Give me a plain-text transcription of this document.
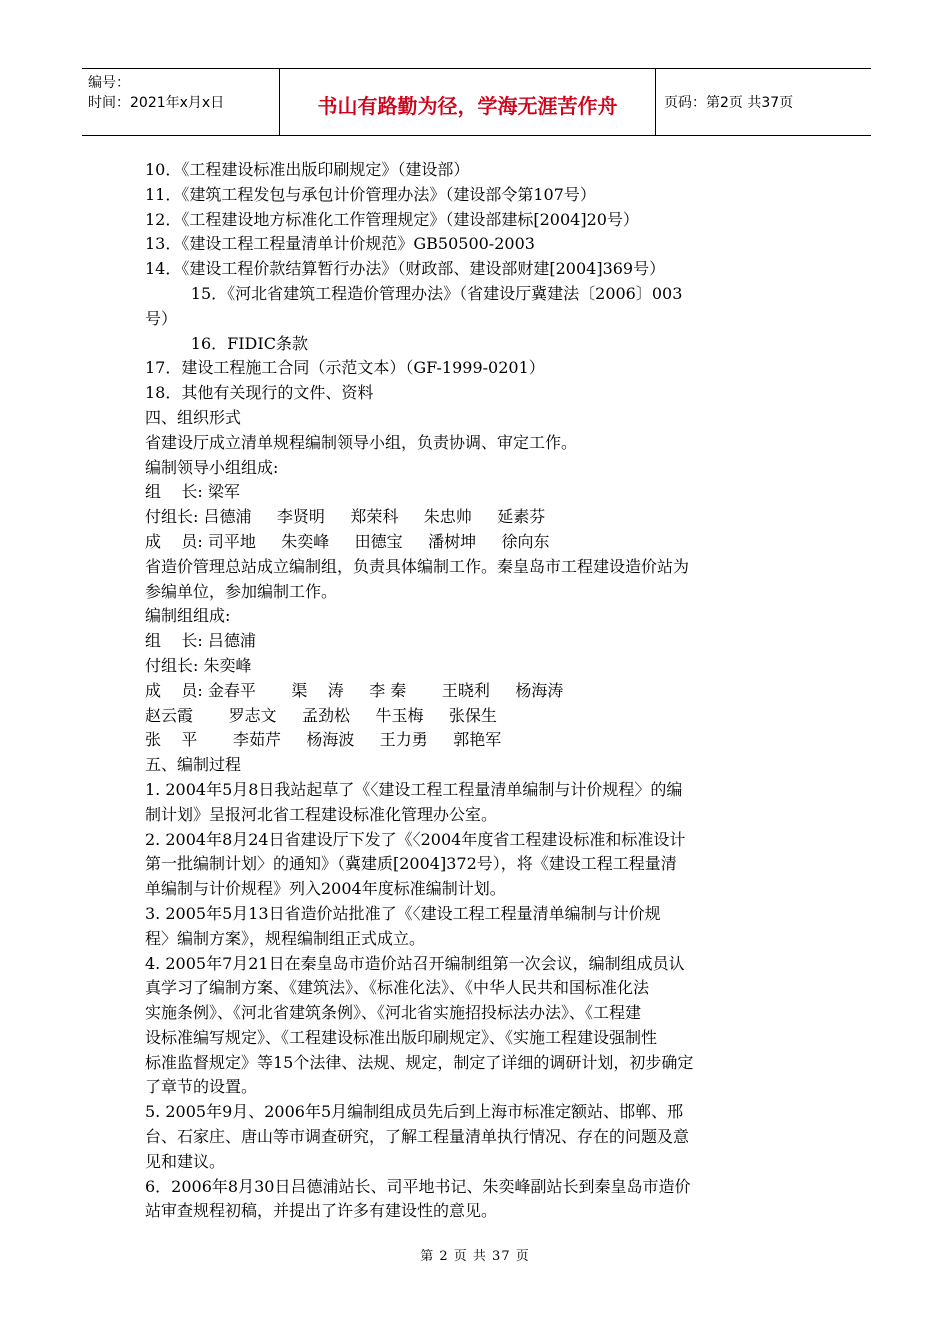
编号：
时间：2021年x月x日	书山有路勤为径，学海无涯苦作舟	页码：第2页 共37页
10．《工程建设标准出版印刷规定》（建设部）
11．《建筑工程发包与承包计价管理办法》（建设部令第107号）
12．《工程建设地方标准化工作管理规定》（建设部建标[2004]20号）
13．《建设工程工程量清单计价规范》GB50500-2003
14．《建设工程价款结算暂行办法》（财政部、建设部财建[2004]369号）
15．《河北省建筑工程造价管理办法》（省建设厅冀建法〔2006〕003
号）
16．FIDIC条款
17．建设工程施工合同（示范文本）（GF-1999-0201）
18．其他有关现行的文件、资料
四、组织形式
省建设厅成立清单规程编制领导小组，负责协调、审定工作。
编制领导小组组成:
组    长: 梁军
付组长: 吕德浦     李贤明     郑荣科     朱忠帅     延素芬
成    员: 司平地     朱奕峰     田德宝     潘树坤     徐向东
省造价管理总站成立编制组，负责具体编制工作。秦皇岛市工程建设造价站为
参编单位，参加编制工作。
编制组组成:
组    长: 吕德浦
付组长: 朱奕峰
成    员: 金春平       渠    涛     李 秦       王晓利     杨海涛
赵云霞       罗志文     孟劲松     牛玉梅     张保生
张    平       李茹芹     杨海波     王力勇     郭艳军
五、编制过程
1. 2004年5月8日我站起草了《〈建设工程工程量清单编制与计价规程〉的编
制计划》呈报河北省工程建设标准化管理办公室。
2. 2004年8月24日省建设厅下发了《〈2004年度省工程建设标准和标准设计
第一批编制计划〉的通知》（冀建质[2004]372号），将《建设工程工程量清
单编制与计价规程》列入2004年度标准编制计划。
3. 2005年5月13日省造价站批准了《〈建设工程工程量清单编制与计价规
程〉编制方案》，规程编制组正式成立。
4. 2005年7月21日在秦皇岛市造价站召开编制组第一次会议，编制组成员认
真学习了编制方案、《建筑法》、《标准化法》、《中华人民共和国标准化法
实施条例》、《河北省建筑条例》、《河北省实施招投标法办法》、《工程建
设标准编写规定》、《工程建设标准出版印刷规定》、《实施工程建设强制性
标准监督规定》等15个法律、法规、规定，制定了详细的调研计划，初步确定
了章节的设置。
5. 2005年9月、2006年5月编制组成员先后到上海市标准定额站、邯郸、邢
台、石家庄、唐山等市调查研究，了解工程量清单执行情况、存在的问题及意
见和建议。
6．2006年8月30日吕德浦站长、司平地书记、朱奕峰副站长到秦皇岛市造价
站审查规程初稿，并提出了许多有建设性的意见。
第 2 页 共 37 页
